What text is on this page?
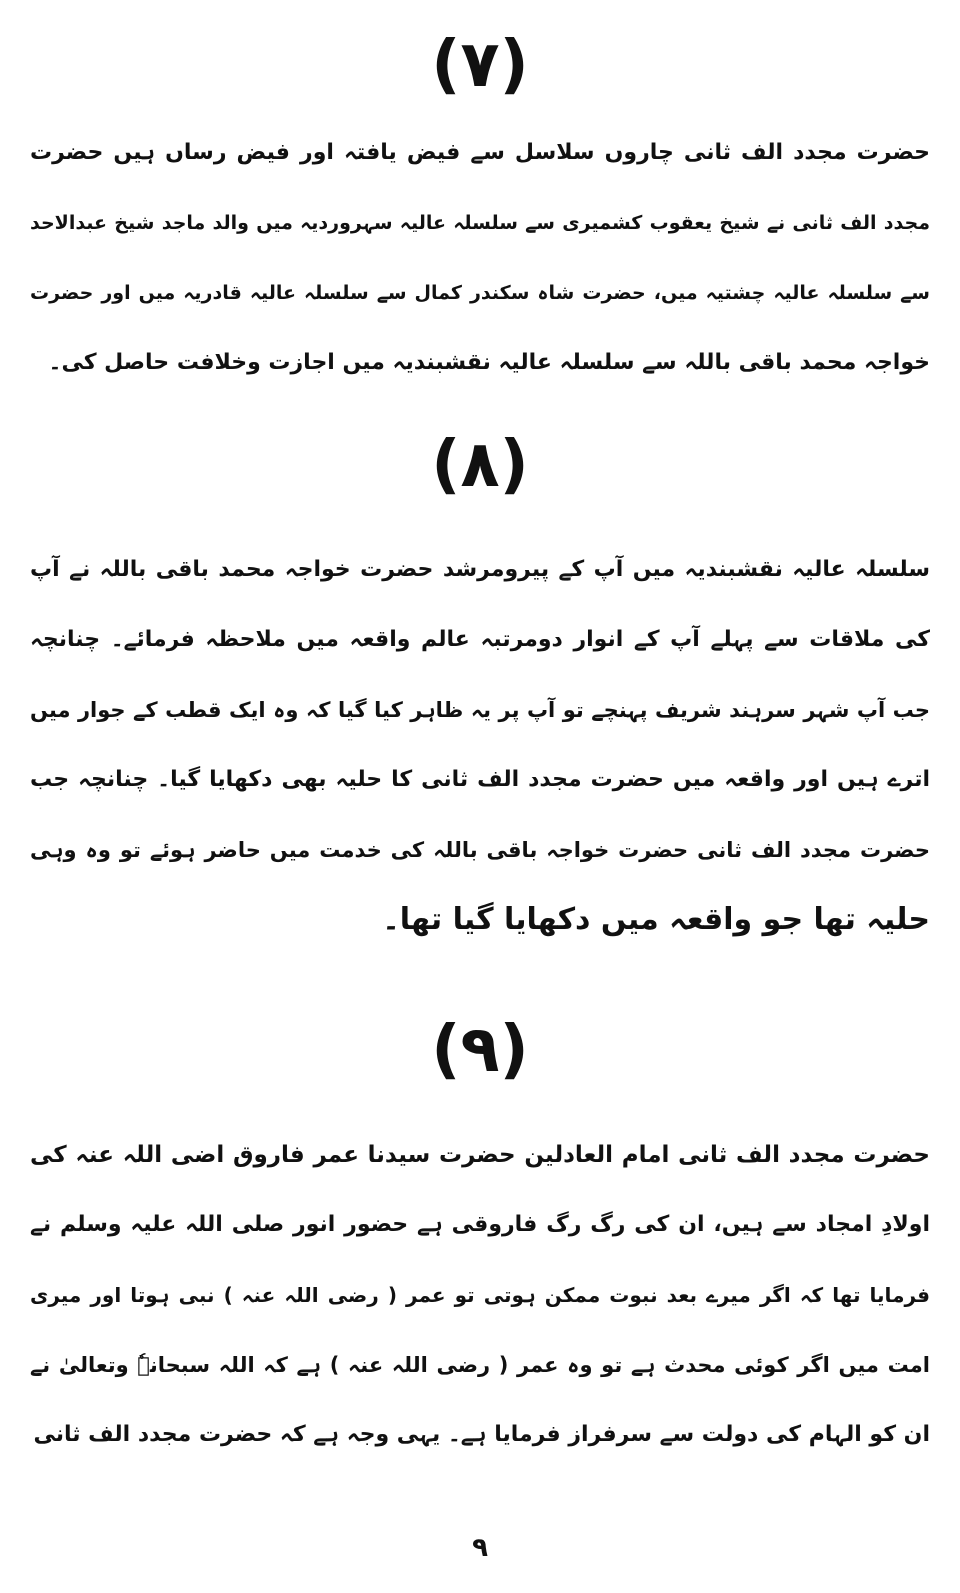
(٧)
حضرت مجدد الف ثانی چاروں سلاسل سے فیض یافتہ اور فیض رساں ہیں حضرت
مجدد الف ثانی نے شیخ یعقوب کشمیری سے سلسلہ عالیہ سہروردیہ میں والد ماجد شیخ عبدالاحد
سے سلسلہ عالیہ چشتیہ میں، حضرت شاہ سکندر کمال سے سلسلہ عالیہ قادریہ میں اور حضرت
خواجہ محمد باقی باللہ سے سلسلہ عالیہ نقشبندیہ میں اجازت وخلافت حاصل کی۔
(٨)
سلسلہ عالیہ نقشبندیہ میں آپ کے پیرومرشد حضرت خواجہ محمد باقی باللہ نے آپ
کی ملاقات سے پہلے آپ کے انوار دومرتبہ عالم واقعہ میں ملاحظہ فرمائے۔ چنانچہ
جب آپ شہر سرہند شریف پہنچے تو آپ پر یہ ظاہر کیا گیا کہ وہ ایک قطب کے جوار میں
اترے ہیں اور واقعہ میں حضرت مجدد الف ثانی کا حلیہ بھی دکھایا گیا۔ چنانچہ جب
حضرت مجدد الف ثانی حضرت خواجہ باقی باللہ کی خدمت میں حاضر ہوئے تو وہ وہی
حلیہ تھا جو واقعہ میں دکھایا گیا تھا۔
(٩)
حضرت مجدد الف ثانی امام العادلین حضرت سیدنا عمر فاروق اضی اللہ عنہ کی
اولادِ امجاد سے ہیں، ان کی رگ رگ فاروقی ہے حضور انور صلی اللہ علیہ وسلم نے
فرمایا تھا کہ اگر میرے بعد نبوت ممکن ہوتی تو عمر ( رضی اللہ عنہ ) نبی ہوتا اور میری
امت میں اگر کوئی محدث ہے تو وہ عمر ( رضی اللہ عنہ ) ہے کہ اللہ سبحانہٗ وتعالیٰ نے
ان کو الہام کی دولت سے سرفراز فرمایا ہے۔ یہی وجہ ہے کہ حضرت مجدد الف ثانی
٩
